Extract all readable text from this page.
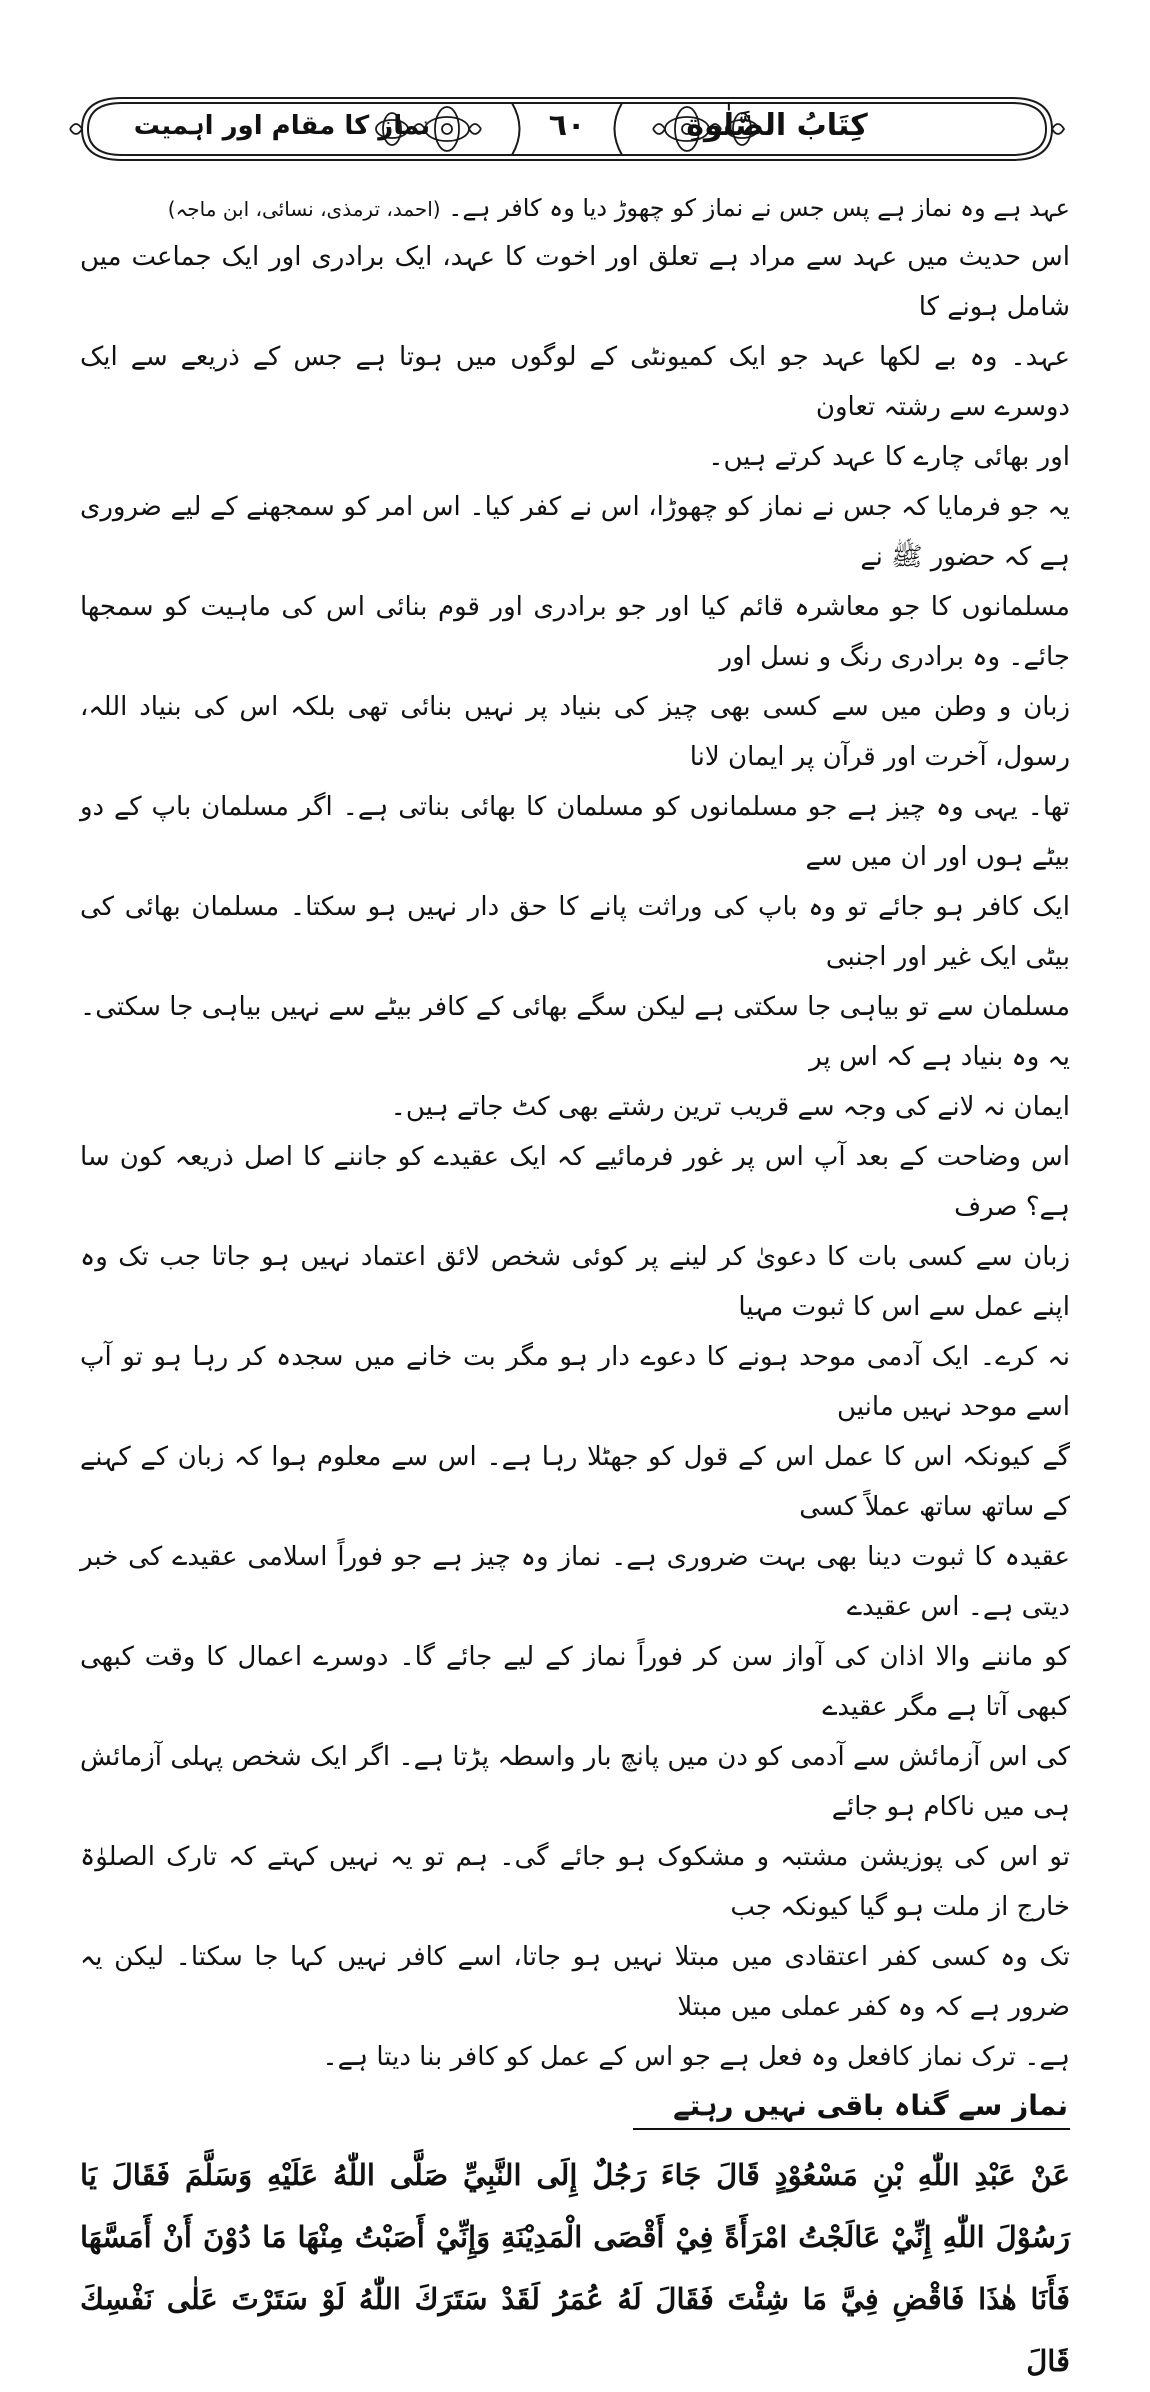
كِتَابُ الصَّلٰوةِ
٦٠
نماز کا مقام اور اہمیت

عہد ہے وہ نماز ہے پس جس نے نماز کو چھوڑ دیا وہ کافر ہے۔ (احمد، ترمذی، نسائی، ابن ماجہ)

اس حدیث میں عہد سے مراد ہے تعلق اور اخوت کا عہد، ایک برادری اور ایک جماعت میں شامل ہونے کا

عہد۔ وہ بے لکھا عہد جو ایک کمیونٹی کے لوگوں میں ہوتا ہے جس کے ذریعے سے ایک دوسرے سے رشتہ تعاون

اور بھائی چارے کا عہد کرتے ہیں۔

یہ جو فرمایا کہ جس نے نماز کو چھوڑا، اس نے کفر کیا۔ اس امر کو سمجھنے کے لیے ضروری ہے کہ حضور ﷺ نے

مسلمانوں کا جو معاشرہ قائم کیا اور جو برادری اور قوم بنائی اس کی ماہیت کو سمجھا جائے۔ وہ برادری رنگ و نسل اور

زبان و وطن میں سے کسی بھی چیز کی بنیاد پر نہیں بنائی تھی بلکہ اس کی بنیاد اللہ، رسول، آخرت اور قرآن پر ایمان لانا

تھا۔ یہی وہ چیز ہے جو مسلمانوں کو مسلمان کا بھائی بناتی ہے۔ اگر مسلمان باپ کے دو بیٹے ہوں اور ان میں سے

ایک کافر ہو جائے تو وہ باپ کی وراثت پانے کا حق دار نہیں ہو سکتا۔ مسلمان بھائی کی بیٹی ایک غیر اور اجنبی

مسلمان سے تو بیاہی جا سکتی ہے لیکن سگے بھائی کے کافر بیٹے سے نہیں بیاہی جا سکتی۔ یہ وہ بنیاد ہے کہ اس پر

ایمان نہ لانے کی وجہ سے قریب ترین رشتے بھی کٹ جاتے ہیں۔

اس وضاحت کے بعد آپ اس پر غور فرمائیے کہ ایک عقیدے کو جاننے کا اصل ذریعہ کون سا ہے؟ صرف

زبان سے کسی بات کا دعویٰ کر لینے پر کوئی شخص لائق اعتماد نہیں ہو جاتا جب تک وہ اپنے عمل سے اس کا ثبوت مہیا

نہ کرے۔ ایک آدمی موحد ہونے کا دعوے دار ہو مگر بت خانے میں سجدہ کر رہا ہو تو آپ اسے موحد نہیں مانیں

گے کیونکہ اس کا عمل اس کے قول کو جھٹلا رہا ہے۔ اس سے معلوم ہوا کہ زبان کے کہنے کے ساتھ ساتھ عملاً کسی

عقیدہ کا ثبوت دینا بھی بہت ضروری ہے۔ نماز وہ چیز ہے جو فوراً اسلامی عقیدے کی خبر دیتی ہے۔ اس عقیدے

کو ماننے والا اذان کی آواز سن کر فوراً نماز کے لیے جائے گا۔ دوسرے اعمال کا وقت کبھی کبھی آتا ہے مگر عقیدے

کی اس آزمائش سے آدمی کو دن میں پانچ بار واسطہ پڑتا ہے۔ اگر ایک شخص پہلی آزمائش ہی میں ناکام ہو جائے

تو اس کی پوزیشن مشتبہ و مشکوک ہو جائے گی۔ ہم تو یہ نہیں کہتے کہ تارک الصلوٰۃ خارج از ملت ہو گیا کیونکہ جب

تک وہ کسی کفر اعتقادی میں مبتلا نہیں ہو جاتا، اسے کافر نہیں کہا جا سکتا۔ لیکن یہ ضرور ہے کہ وہ کفر عملی میں مبتلا

ہے۔ ترک نماز کافعل وہ فعل ہے جو اس کے عمل کو کافر بنا دیتا ہے۔

نماز سے گناہ باقی نہیں رہتے

عَنْ عَبْدِ اللّٰهِ بْنِ مَسْعُوْدٍ قَالَ جَاءَ رَجُلٌ إِلَى النَّبِيِّ صَلَّى اللّٰهُ عَلَيْهِ وَسَلَّمَ فَقَالَ يَا

رَسُوْلَ اللّٰهِ إِنِّيْ عَالَجْتُ امْرَأَةً فِيْ أَقْصَى الْمَدِيْنَةِ وَإِنِّيْ أَصَبْتُ مِنْهَا مَا دُوْنَ أَنْ أَمَسَّهَا

فَأَنَا هٰذَا فَاقْضِ فِيَّ مَا شِئْتَ فَقَالَ لَهُ عُمَرُ لَقَدْ سَتَرَكَ اللّٰهُ لَوْ سَتَرْتَ عَلٰى نَفْسِكَ قَالَ
